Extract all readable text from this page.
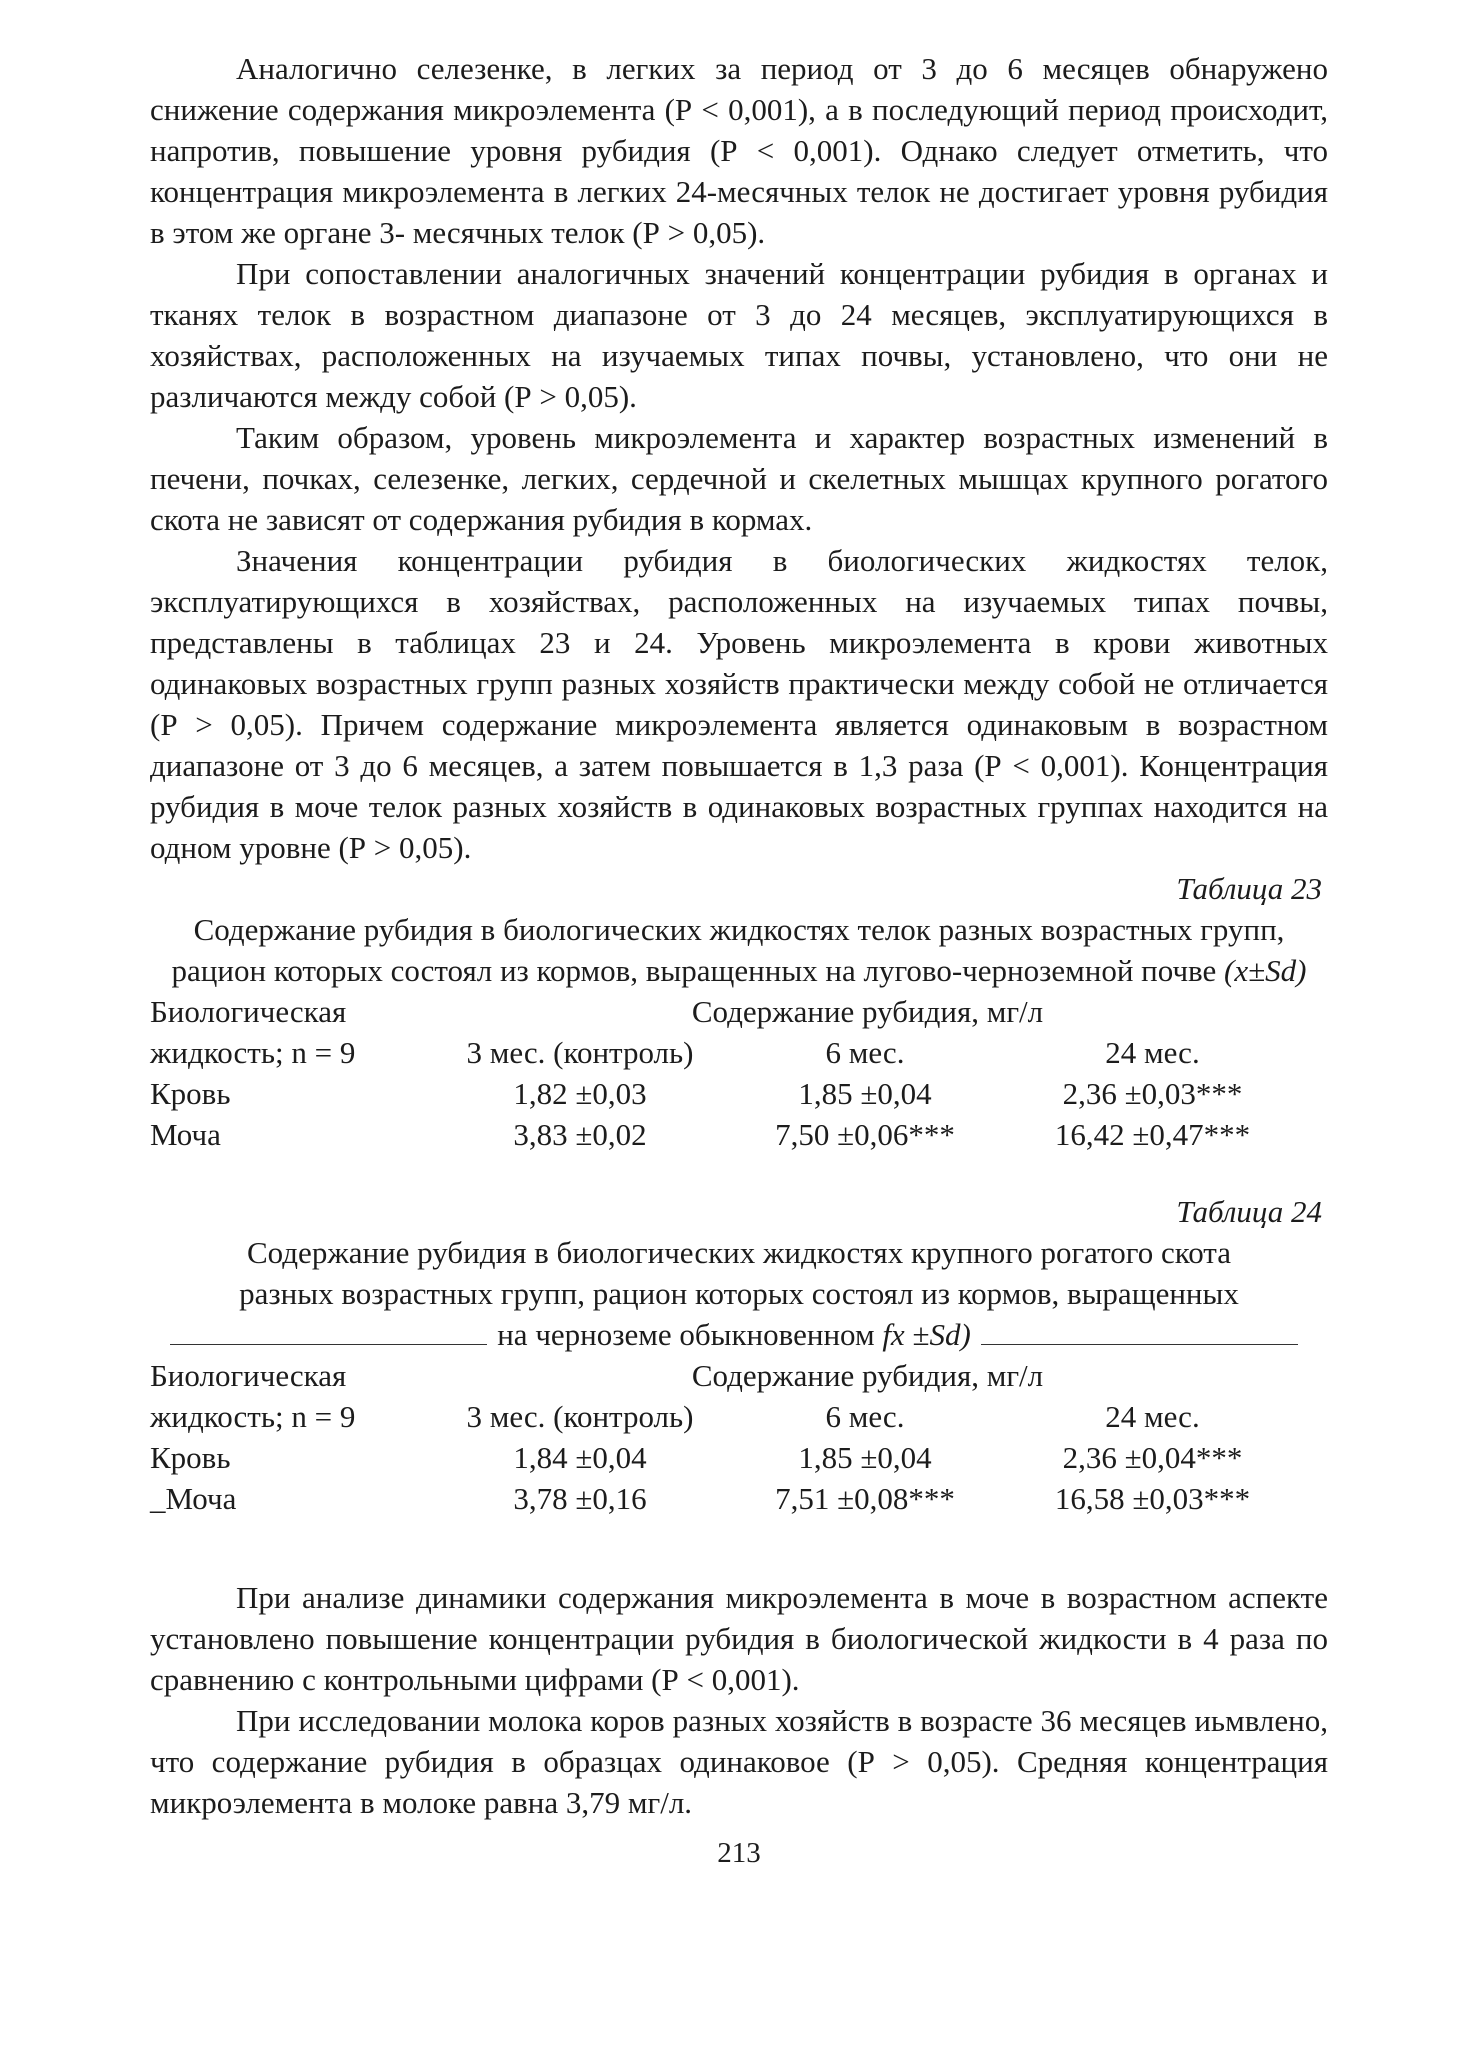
Аналогично селезенке, в легких за период от 3 до 6 месяцев обнаружено снижение содержания микроэлемента (Р < 0,001), а в последующий период происходит, напротив, повышение уровня рубидия (Р < 0,001). Однако следует отметить, что концентрация микроэлемента в легких 24-месячных телок не достигает уровня рубидия в этом же органе 3- месячных телок (Р > 0,05).

При сопоставлении аналогичных значений концентрации рубидия в органах и тканях телок в возрастном диапазоне от 3 до 24 месяцев, эксплуатирующихся в хозяйствах, расположенных на изучаемых типах почвы, установлено, что они не различаются между собой (Р > 0,05).

Таким образом, уровень микроэлемента и характер возрастных изменений в печени, почках, селезенке, легких, сердечной и скелетных мышцах крупного рогатого скота не зависят от содержания рубидия в кормах.

Значения концентрации рубидия в биологических жидкостях телок, эксплуатирующихся в хозяйствах, расположенных на изучаемых типах почвы, представлены в таблицах 23 и 24. Уровень микроэлемента в крови животных одинаковых возрастных групп разных хозяйств практически между собой не отличается (Р > 0,05). Причем содержание микроэлемента является одинаковым в возрастном диапазоне от 3 до 6 месяцев, а затем повышается в 1,3 раза (Р < 0,001). Концентрация рубидия в моче телок разных хозяйств в одинаковых возрастных группах находится на одном уровне (Р > 0,05).

Таблица 23

Содержание рубидия в биологических жидкостях телок разных возрастных групп, рацион которых состоял из кормов, выращенных на лугово-черноземной почве (x±Sd)

Биологическая	Содержание рубидия, мг/л		
жидкость; n = 9	3 мес. (контроль)	6 мес.	24 мес.
Кровь	1,82 ±0,03	1,85 ±0,04	2,36 ±0,03***
Моча	3,83 ±0,02	7,50 ±0,06***	16,42 ±0,47***

Таблица 24

Содержание рубидия в биологических жидкостях крупного рогатого скота

разных возрастных групп, рацион которых состоял из кормов, выращенных

на черноземе обыкновенном fx ±Sd)
Биологическая	Содержание рубидия, мг/л		
жидкость; n = 9	3 мес. (контроль)	6 мес.	24 мес.
Кровь	1,84 ±0,04	1,85 ±0,04	2,36 ±0,04***
_Моча	3,78 ±0,16	7,51 ±0,08***	16,58 ±0,03***

При анализе динамики содержания микроэлемента в моче в возрастном аспекте установлено повышение концентрации рубидия в биологической жидкости в 4 раза по сравнению с контрольными цифрами (Р < 0,001).

При исследовании молока коров разных хозяйств в возрасте 36 месяцев иьмвлено, что содержание рубидия в образцах одинаковое (Р > 0,05). Средняя концентрация микроэлемента в молоке равна 3,79 мг/л.

213
